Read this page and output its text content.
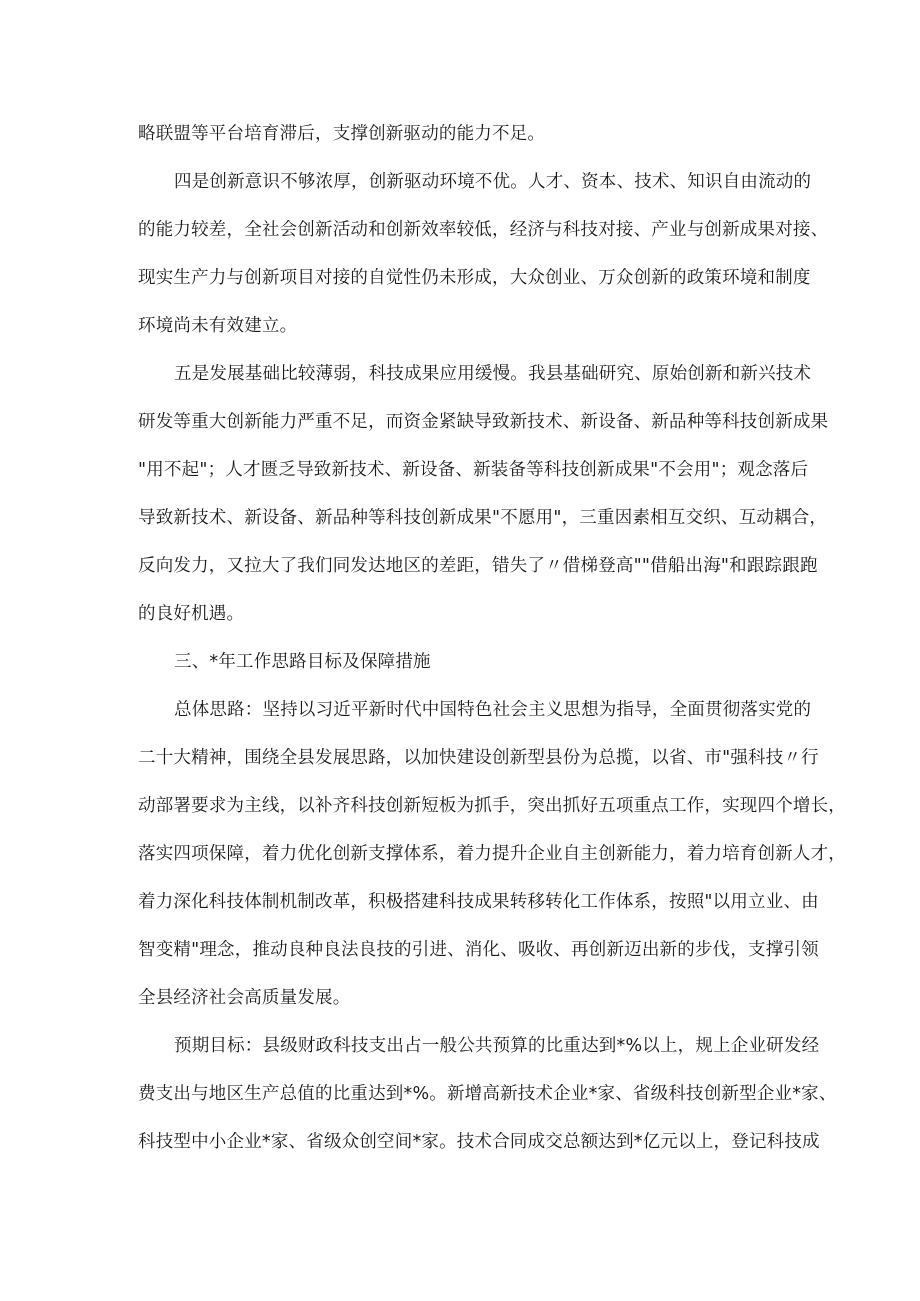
略联盟等平台培育滞后，支撑创新驱动的能力不足。
四是创新意识不够浓厚，创新驱动环境不优。人才、资本、技术、知识自由流动的
的能力较差，全社会创新活动和创新效率较低，经济与科技对接、产业与创新成果对接、
现实生产力与创新项目对接的自觉性仍未形成，大众创业、万众创新的政策环境和制度
环境尚未有效建立。
五是发展基础比较薄弱，科技成果应用缓慢。我县基础研究、原始创新和新兴技术
研发等重大创新能力严重不足，而资金紧缺导致新技术、新设备、新品种等科技创新成果
"用不起"；人才匮乏导致新技术、新设备、新装备等科技创新成果"不会用"；观念落后
导致新技术、新设备、新品种等科技创新成果"不愿用"，三重因素相互交织、互动耦合，
反向发力，又拉大了我们同发达地区的差距，错失了〃借梯登高""借船出海"和跟踪跟跑
的良好机遇。
三、*年工作思路目标及保障措施
总体思路：坚持以习近平新时代中国特色社会主义思想为指导，全面贯彻落实党的
二十大精神，围绕全县发展思路，以加快建设创新型县份为总揽，以省、市"强科技〃行
动部署要求为主线，以补齐科技创新短板为抓手，突出抓好五项重点工作，实现四个增长，
落实四项保障，着力优化创新支撑体系，着力提升企业自主创新能力，着力培育创新人才，
着力深化科技体制机制改革，积极搭建科技成果转移转化工作体系，按照"以用立业、由
智变精"理念，推动良种良法良技的引进、消化、吸收、再创新迈出新的步伐，支撑引领
全县经济社会高质量发展。
预期目标：县级财政科技支出占一般公共预算的比重达到*%以上，规上企业研发经
费支出与地区生产总值的比重达到*%。新增高新技术企业*家、省级科技创新型企业*家、
科技型中小企业*家、省级众创空间*家。技术合同成交总额达到*亿元以上，登记科技成
